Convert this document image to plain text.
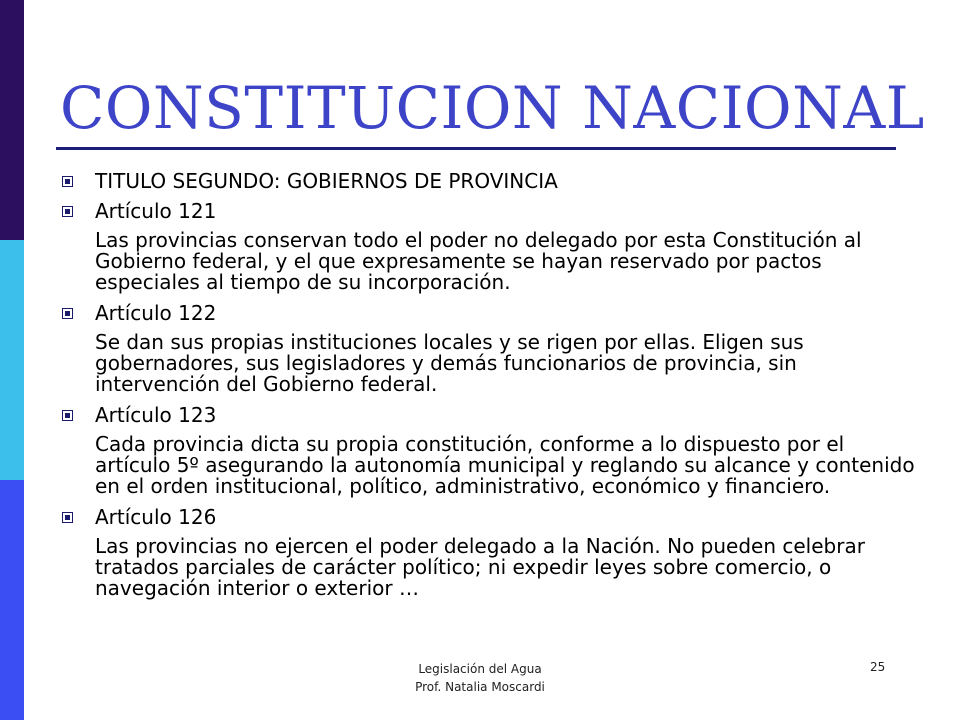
CONSTITUCION NACIONAL
TITULO SEGUNDO: GOBIERNOS DE PROVINCIA
Artículo 121

Las provincias conservan todo el poder no delegado por esta Constitución al Gobierno federal, y el que expresamente se hayan reservado por pactos especiales al tiempo de su incorporación.

Artículo 122

Se dan sus propias instituciones locales y se rigen por ellas. Eligen sus gobernadores, sus legisladores y demás funcionarios de provincia, sin intervención del Gobierno federal.

Artículo 123

Cada provincia dicta su propia constitución, conforme a lo dispuesto por el artículo 5º asegurando la autonomía municipal y reglando su alcance y contenido en el orden institucional, político, administrativo, económico y financiero.

Artículo 126

Las provincias no ejercen el poder delegado a la Nación. No pueden celebrar tratados parciales de carácter político; ni expedir leyes sobre comercio, o navegación interior o exterior …

Legislación del Agua
Prof. Natalia Moscardi
25
